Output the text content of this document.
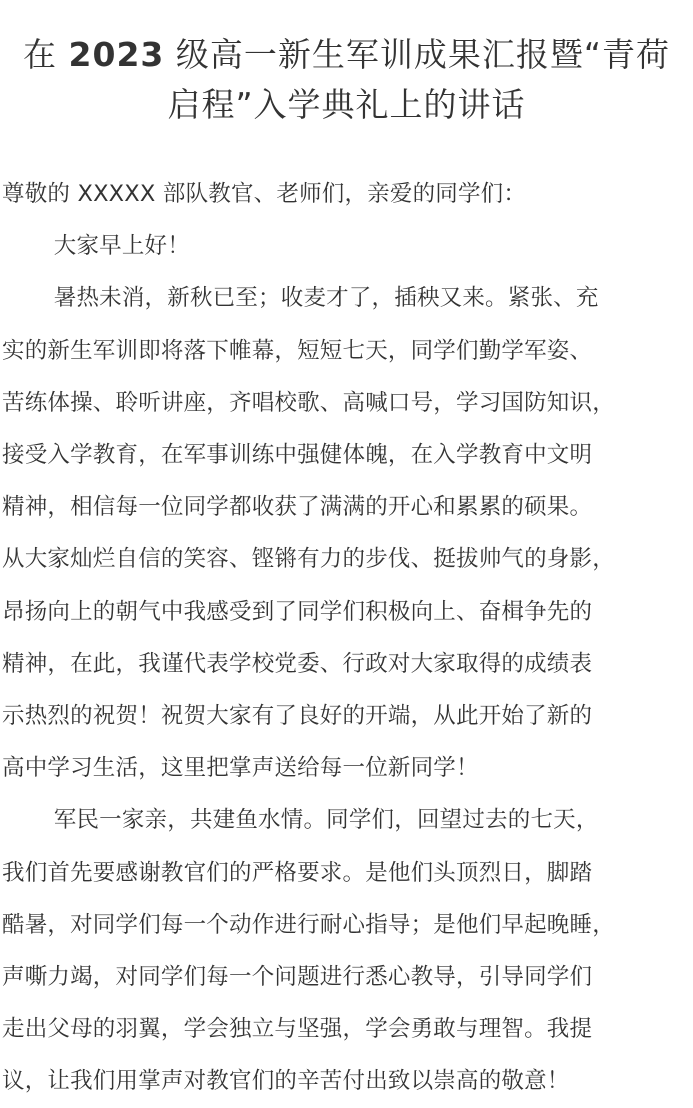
在 2023 级高一新生军训成果汇报暨“青荷
启程”入学典礼上的讲话

尊敬的 XXXXX 部队教官、老师们，亲爱的同学们：

大家早上好！

暑热未消，新秋已至；收麦才了，插秧又来。紧张、充
实的新生军训即将落下帷幕，短短七天，同学们勤学军姿、
苦练体操、聆听讲座，齐唱校歌、高喊口号，学习国防知识，
接受入学教育，在军事训练中强健体魄，在入学教育中文明
精神，相信每一位同学都收获了满满的开心和累累的硕果。
从大家灿烂自信的笑容、铿锵有力的步伐、挺拔帅气的身影，
昂扬向上的朝气中我感受到了同学们积极向上、奋楫争先的
精神，在此，我谨代表学校党委、行政对大家取得的成绩表
示热烈的祝贺！祝贺大家有了良好的开端，从此开始了新的
高中学习生活，这里把掌声送给每一位新同学！
军民一家亲，共建鱼水情。同学们，回望过去的七天，
我们首先要感谢教官们的严格要求。是他们头顶烈日，脚踏
酷暑，对同学们每一个动作进行耐心指导；是他们早起晚睡，
声嘶力竭，对同学们每一个问题进行悉心教导，引导同学们
走出父母的羽翼，学会独立与坚强，学会勇敢与理智。我提
议，让我们用掌声对教官们的辛苦付出致以崇高的敬意！
